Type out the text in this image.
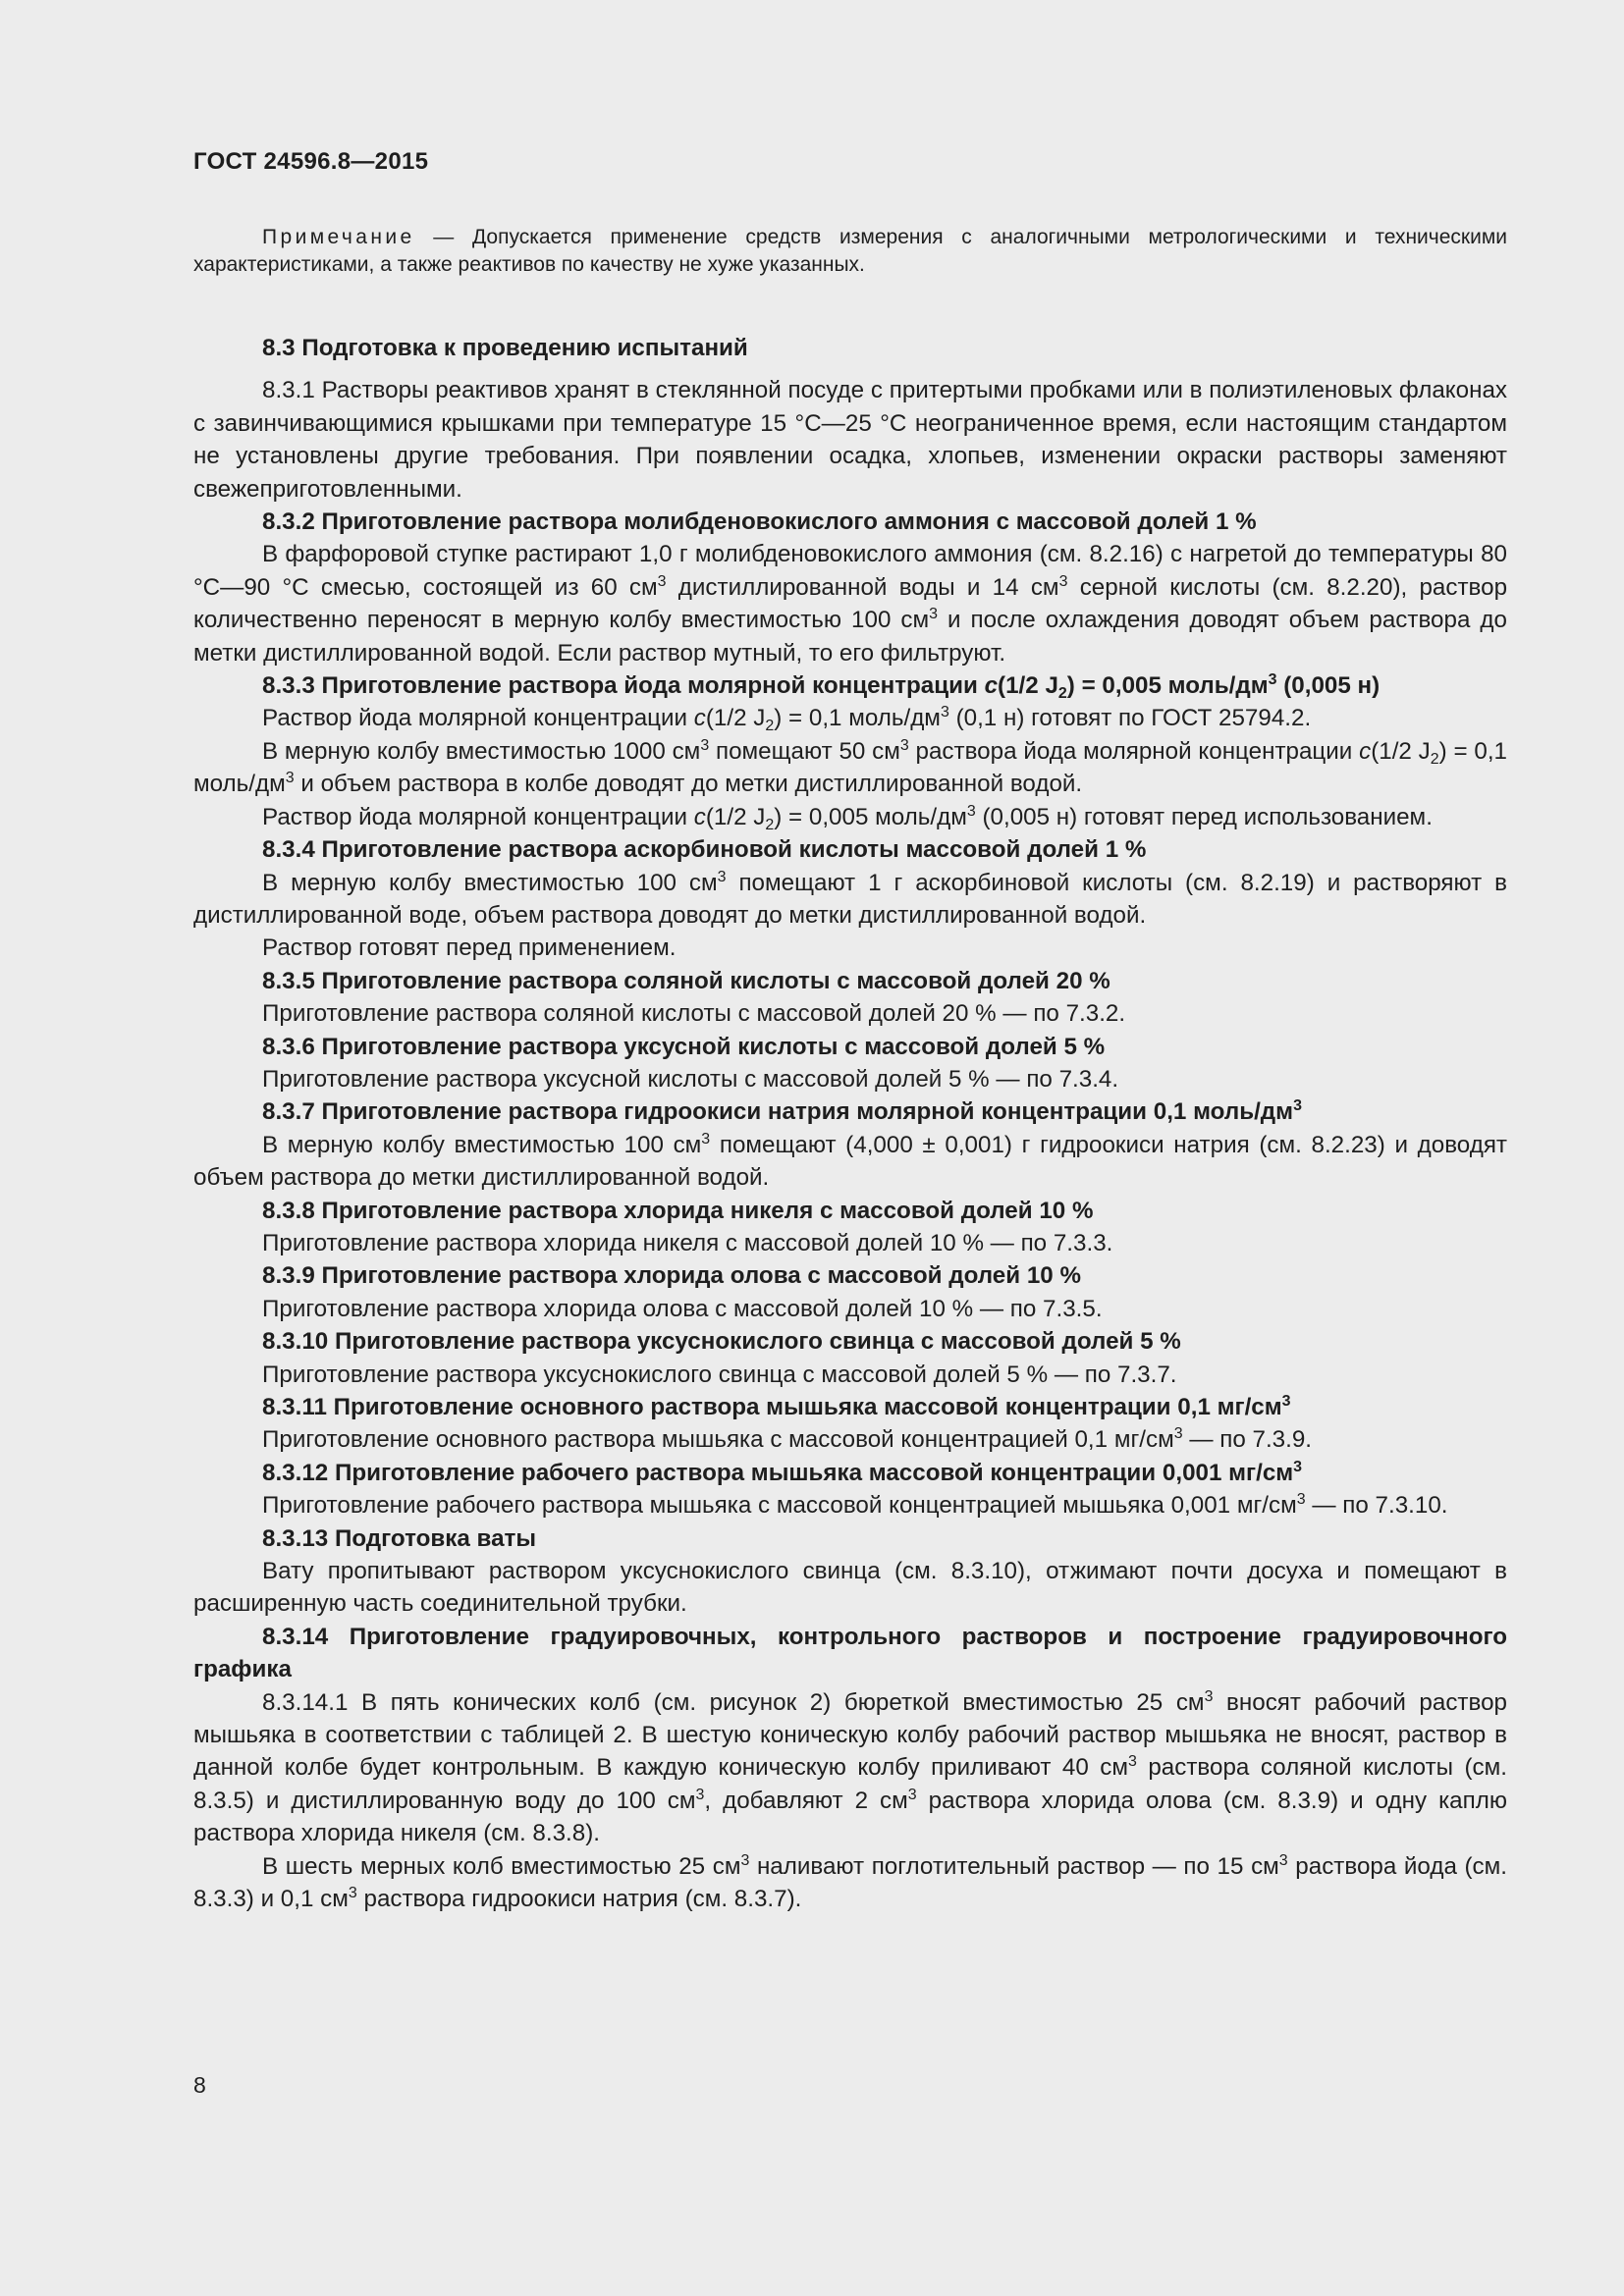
ГОСТ 24596.8—2015

Примечание — Допускается применение средств измерения с аналогичными метрологическими и техническими характеристиками, а также реактивов по качеству не хуже указанных.

8.3 Подготовка к проведению испытаний

8.3.1 Растворы реактивов хранят в стеклянной посуде с притертыми пробками или в полиэтиленовых флаконах с завинчивающимися крышками при температуре 15 °С—25 °С неограниченное время, если настоящим стандартом не установлены другие требования. При появлении осадка, хлопьев, изменении окраски растворы заменяют свежеприготовленными.

8.3.2 Приготовление раствора молибденовокислого аммония с массовой долей 1 %

В фарфоровой ступке растирают 1,0 г молибденовокислого аммония (см. 8.2.16) с нагретой до температуры 80 °С—90 °С смесью, состоящей из 60 $см^3$ дистиллированной воды и 14 $см^3$ серной кислоты (см. 8.2.20), раствор количественно переносят в мерную колбу вместимостью 100 $см^3$ и после охлаждения доводят объем раствора до метки дистиллированной водой. Если раствор мутный, то его фильтруют.

8.3.3 Приготовление раствора йода молярной концентрации c(1/2 $J_2) = 0,005$ моль/$дм^3$ (0,005 н)

Раствор йода молярной концентрации c(1/2 $J_2) = 0,1$ моль/$дм^3$ (0,1 н) готовят по ГОСТ 25794.2.

В мерную колбу вместимостью 1000 $см^3$ помещают 50 $см^3$ раствора йода молярной концентрации c(1/2 $J_2) = 0,1$ моль/$дм^3$ и объем раствора в колбе доводят до метки дистиллированной водой.

Раствор йода молярной концентрации c(1/2 $J_2) = 0,005$ моль/$дм^3$ (0,005 н) готовят перед использованием.

8.3.4 Приготовление раствора аскорбиновой кислоты массовой долей 1 %

В мерную колбу вместимостью 100 $см^3$ помещают 1 г аскорбиновой кислоты (см. 8.2.19) и растворяют в дистиллированной воде, объем раствора доводят до метки дистиллированной водой.

Раствор готовят перед применением.

8.3.5 Приготовление раствора соляной кислоты с массовой долей 20 %

Приготовление раствора соляной кислоты с массовой долей 20 % — по 7.3.2.

8.3.6 Приготовление раствора уксусной кислоты с массовой долей 5 %

Приготовление раствора уксусной кислоты с массовой долей 5 % — по 7.3.4.

8.3.7 Приготовление раствора гидроокиси натрия молярной концентрации 0,1 моль/$дм^3$

В мерную колбу вместимостью 100 $см^3$ помещают (4,000 ± 0,001) г гидроокиси натрия (см. 8.2.23) и доводят объем раствора до метки дистиллированной водой.

8.3.8 Приготовление раствора хлорида никеля с массовой долей 10 %

Приготовление раствора хлорида никеля с массовой долей 10 % — по 7.3.3.

8.3.9 Приготовление раствора хлорида олова с массовой долей 10 %

Приготовление раствора хлорида олова с массовой долей 10 % — по 7.3.5.

8.3.10 Приготовление раствора уксуснокислого свинца с массовой долей 5 %

Приготовление раствора уксуснокислого свинца с массовой долей 5 % — по 7.3.7.

8.3.11 Приготовление основного раствора мышьяка массовой концентрации 0,1 $мг/см^3$

Приготовление основного раствора мышьяка с массовой концентрацией 0,1 $мг/см^3$ — по 7.3.9.

8.3.12 Приготовление рабочего раствора мышьяка массовой концентрации 0,001 $мг/см^3$

Приготовление рабочего раствора мышьяка с массовой концентрацией мышьяка 0,001 $мг/см^3$ — по 7.3.10.

8.3.13 Подготовка ваты

Вату пропитывают раствором уксуснокислого свинца (см. 8.3.10), отжимают почти досуха и помещают в расширенную часть соединительной трубки.

8.3.14 Приготовление градуировочных, контрольного растворов и построение градуировочного графика

8.3.14.1 В пять конических колб (см. рисунок 2) бюреткой вместимостью 25 $см^3$ вносят рабочий раствор мышьяка в соответствии с таблицей 2. В шестую коническую колбу рабочий раствор мышьяка не вносят, раствор в данной колбе будет контрольным. В каждую коническую колбу приливают 40 $см^3$ раствора соляной кислоты (см. 8.3.5) и дистиллированную воду до 100 $см^3$, добавляют 2 $см^3$ раствора хлорида олова (см. 8.3.9) и одну каплю раствора хлорида никеля (см. 8.3.8).

В шесть мерных колб вместимостью 25 $см^3$ наливают поглотительный раствор — по 15 $см^3$ раствора йода (см. 8.3.3) и 0,1 $см^3$ раствора гидроокиси натрия (см. 8.3.7).

8
